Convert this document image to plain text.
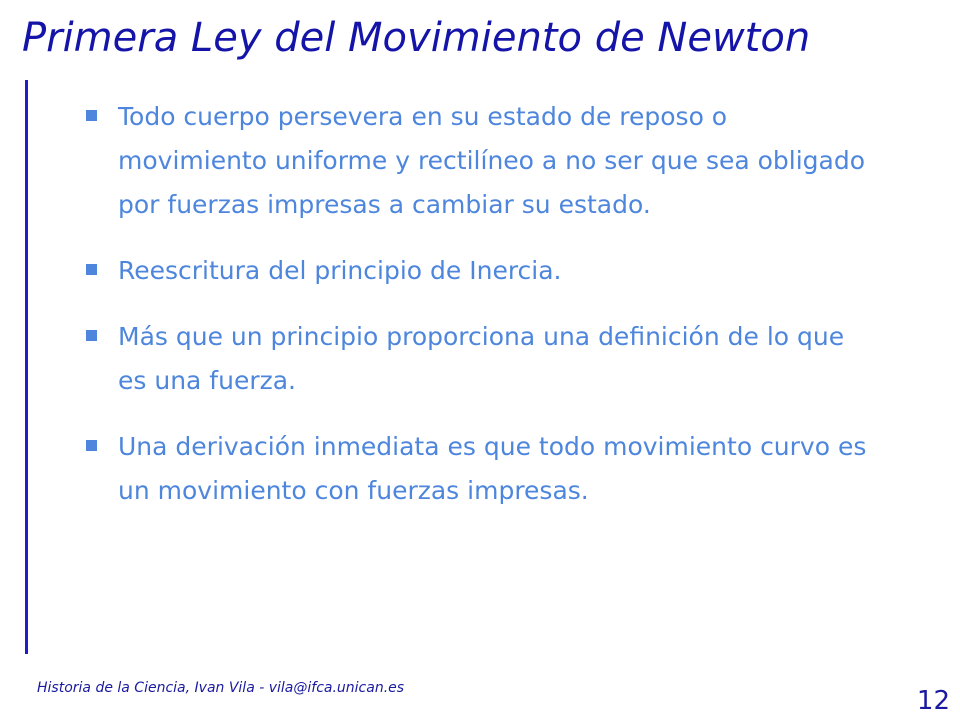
Primera Ley del Movimiento de Newton
Todo cuerpo persevera en su estado de reposo o movimiento uniforme y rectilíneo a no ser que sea obligado por fuerzas impresas a cambiar su estado.
Reescritura del principio de Inercia.
Más que un principio proporciona una definición de lo que es una fuerza.
Una derivación inmediata es que todo movimiento curvo es un movimiento con fuerzas impresas.
Historia de la Ciencia, Ivan Vila - vila@ifca.unican.es	12
